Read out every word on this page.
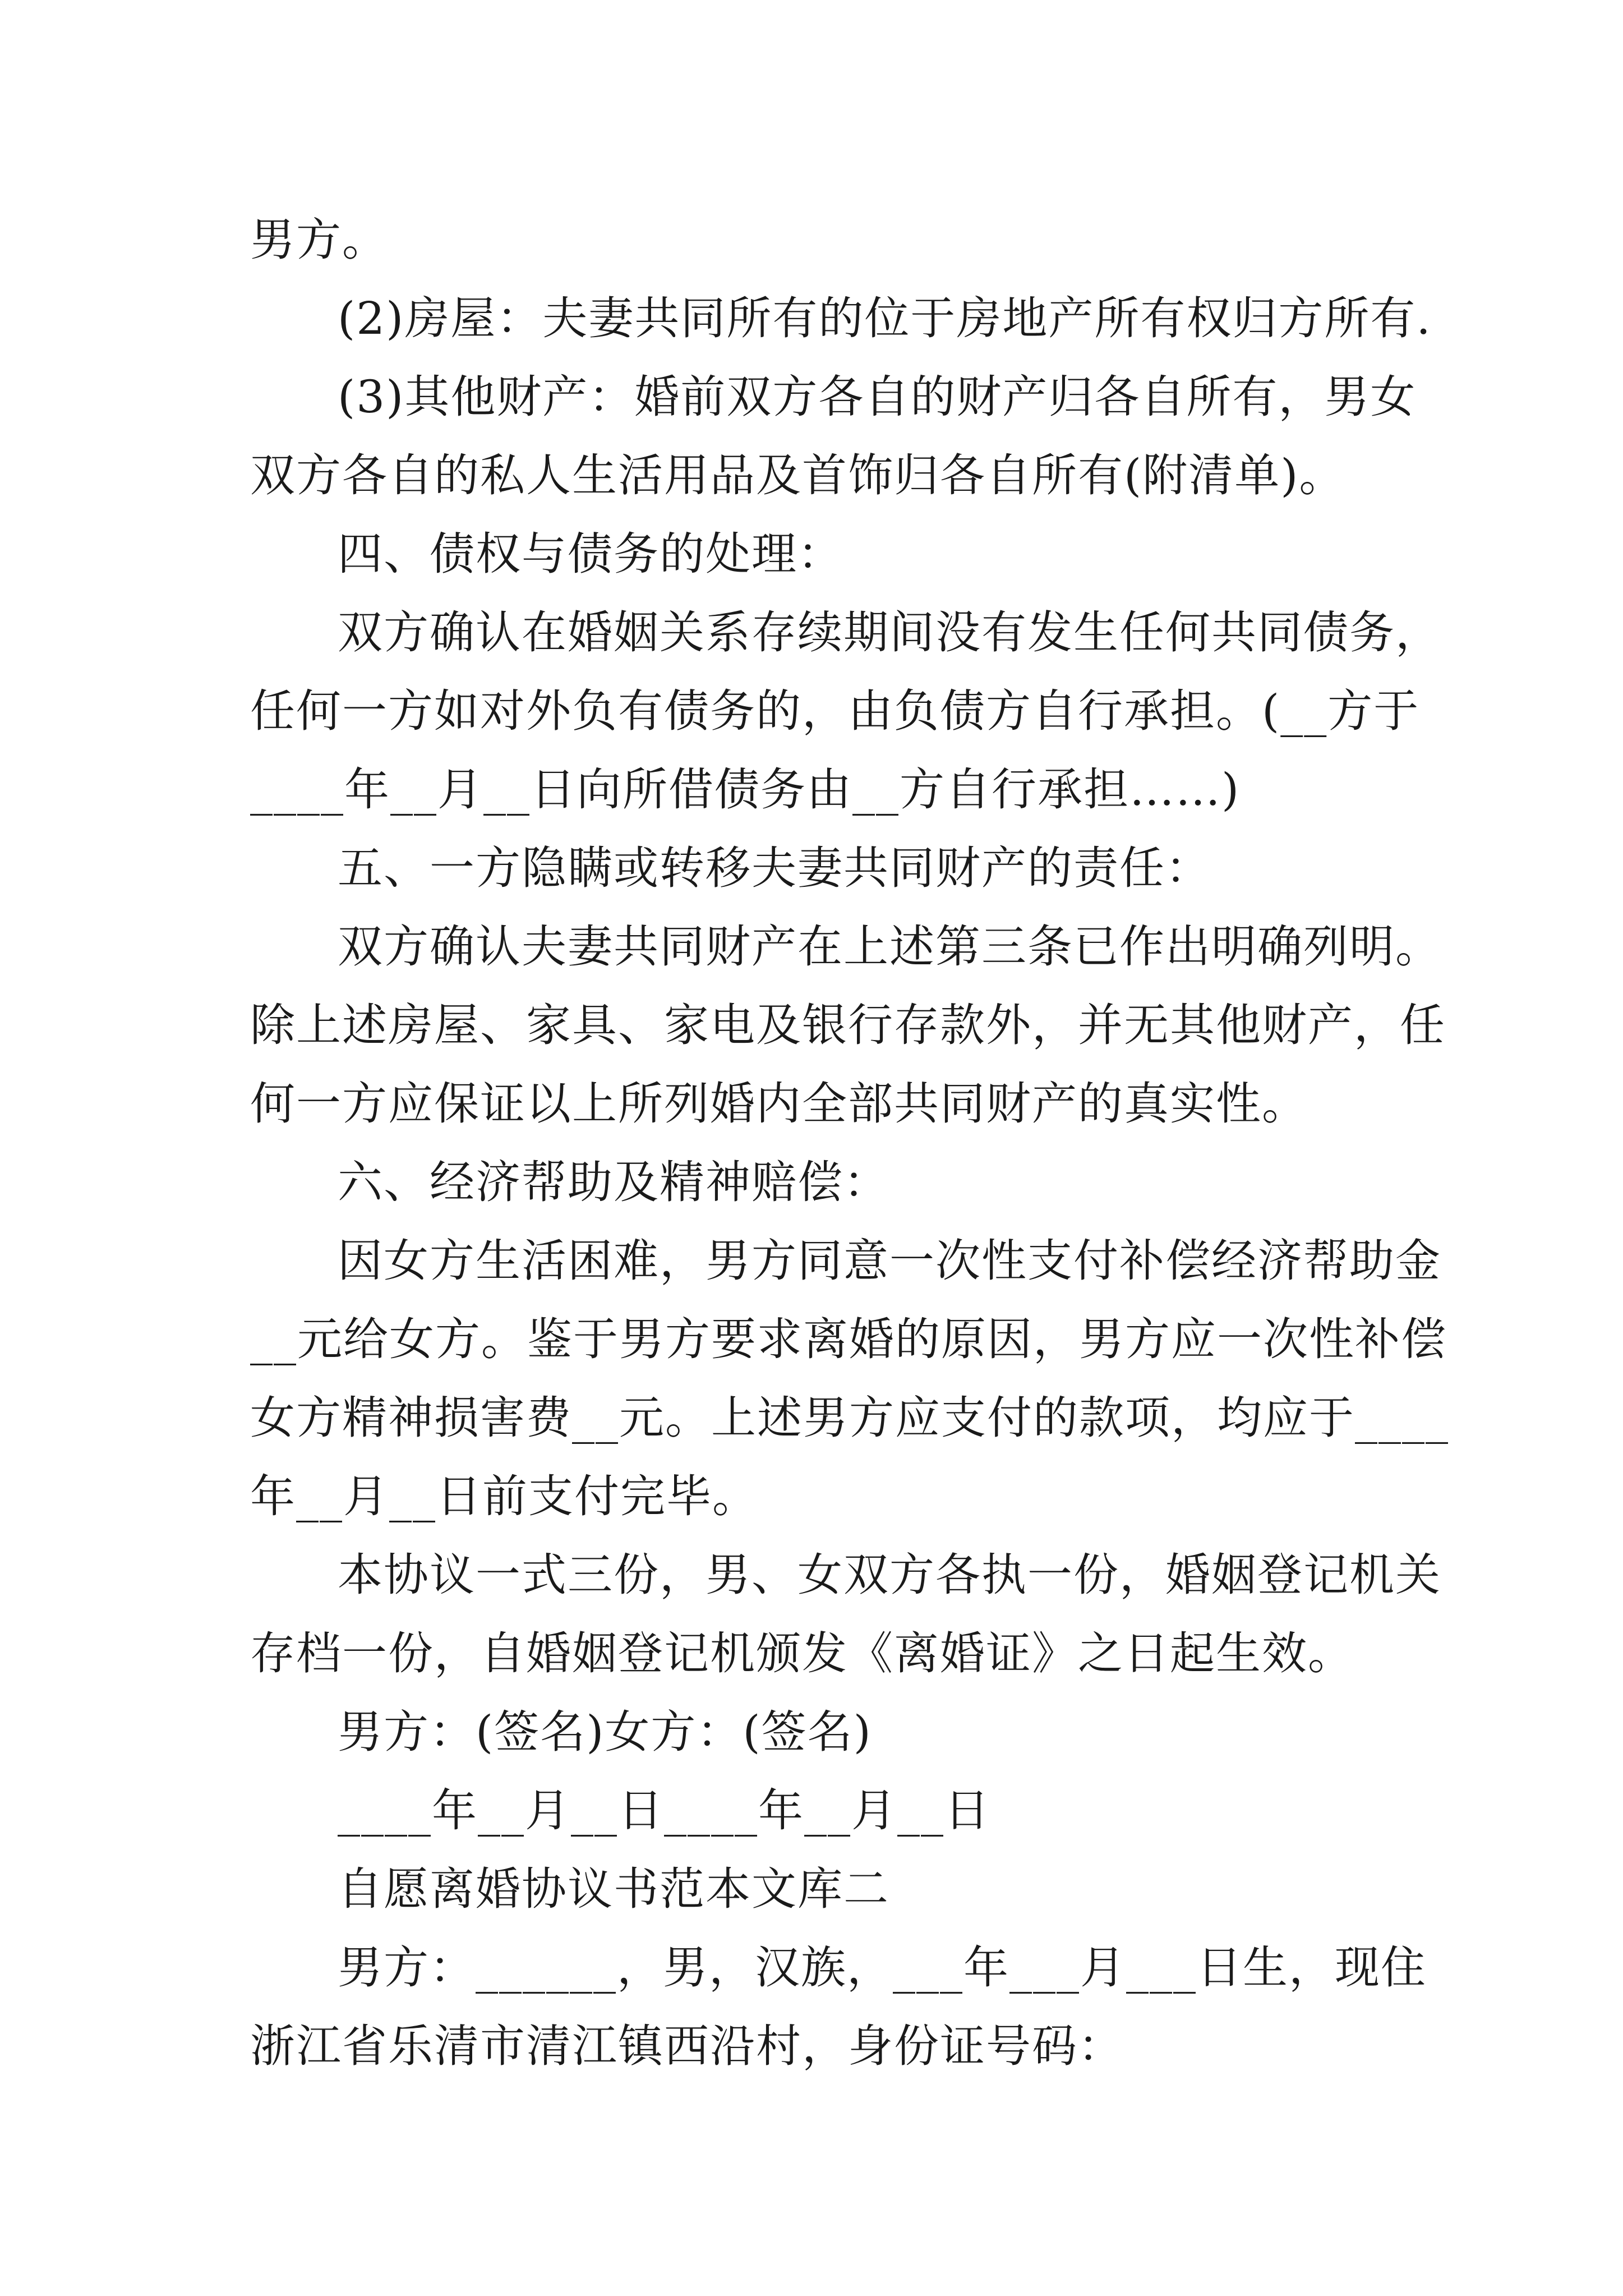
男方。
(2)房屋：夫妻共同所有的位于房地产所有权归方所有.
(3)其他财产：婚前双方各自的财产归各自所有，男女
双方各自的私人生活用品及首饰归各自所有(附清单)。
四、债权与债务的处理：
双方确认在婚姻关系存续期间没有发生任何共同债务，
任何一方如对外负有债务的，由负债方自行承担。(__方于
____年__月__日向所借债务由__方自行承担……)
五、一方隐瞒或转移夫妻共同财产的责任：
双方确认夫妻共同财产在上述第三条已作出明确列明。
除上述房屋、家具、家电及银行存款外，并无其他财产，任
何一方应保证以上所列婚内全部共同财产的真实性。
六、经济帮助及精神赔偿：
因女方生活困难，男方同意一次性支付补偿经济帮助金
__元给女方。鉴于男方要求离婚的原因，男方应一次性补偿
女方精神损害费__元。上述男方应支付的款项，均应于____
年__月__日前支付完毕。
本协议一式三份，男、女双方各执一份，婚姻登记机关
存档一份，自婚姻登记机颁发《离婚证》之日起生效。
男方：(签名)女方：(签名)
____年__月__日____年__月__日
自愿离婚协议书范本文库二
男方：______，男，汉族，___年___月___日生，现住
浙江省乐清市清江镇西沿村，身份证号码：
